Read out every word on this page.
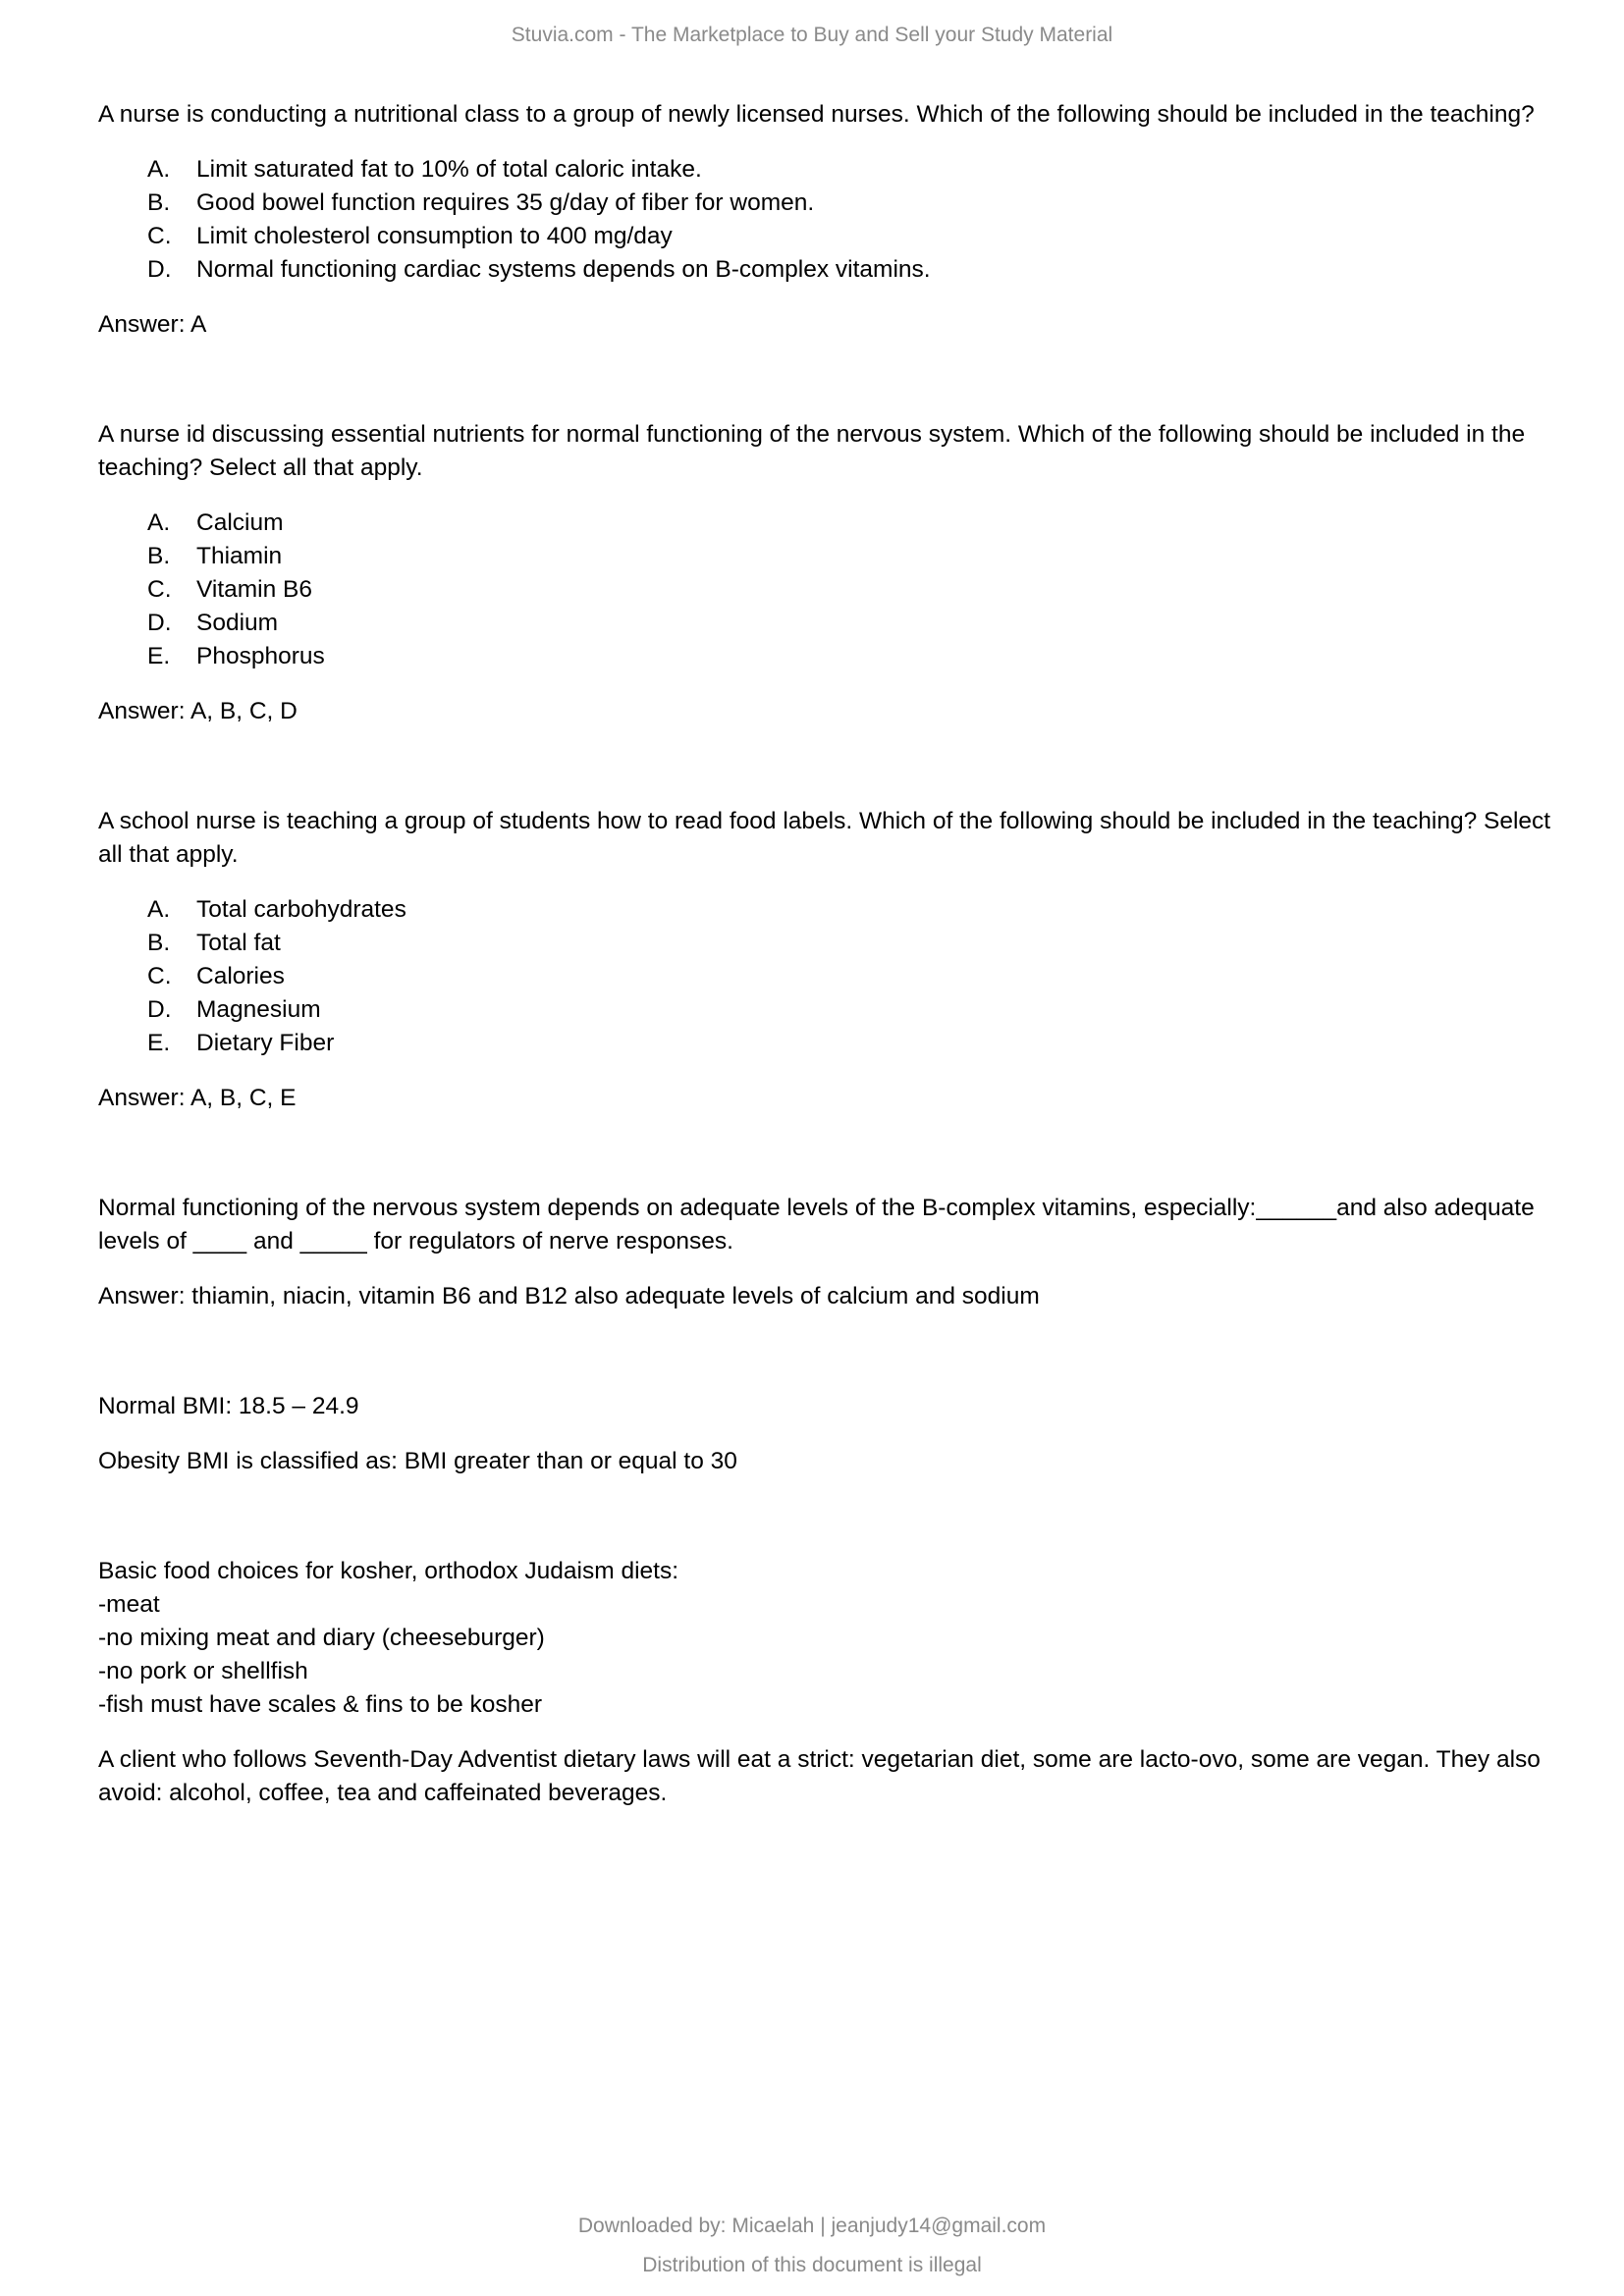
Stuvia.com - The Marketplace to Buy and Sell your Study Material

A nurse is conducting a nutritional class to a group of newly licensed nurses. Which of the following should be included in the teaching?

A.	Limit saturated fat to 10% of total caloric intake.
B.	Good bowel function requires 35 g/day of fiber for women.
C.	Limit cholesterol consumption to 400 mg/day
D.	Normal functioning cardiac systems depends on B-complex vitamins.

Answer: A

A nurse id discussing essential nutrients for normal functioning of the nervous system. Which of the following should be included in the teaching? Select all that apply.

A.	Calcium
B.	Thiamin
C.	Vitamin B6
D.	Sodium
E.	Phosphorus

Answer: A, B, C, D

A school nurse is teaching a group of students how to read food labels. Which of the following should be included in the teaching? Select all that apply.

A.	Total carbohydrates
B.	Total fat
C.	Calories
D.	Magnesium
E.	Dietary Fiber

Answer: A, B, C, E

Normal functioning of the nervous system depends on adequate levels of the B-complex vitamins, especially:______and also adequate levels of ____ and _____ for regulators of nerve responses.

Answer: thiamin, niacin, vitamin B6 and B12 also adequate levels of calcium and sodium

Normal BMI: 18.5 – 24.9

Obesity BMI is classified as: BMI greater than or equal to 30

Basic food choices for kosher, orthodox Judaism diets:
-meat
-no mixing meat and diary (cheeseburger)
-no pork or shellfish
-fish must have scales & fins to be kosher

A client who follows Seventh-Day Adventist dietary laws will eat a strict: vegetarian diet, some are lacto-ovo, some are vegan. They also avoid: alcohol, coffee, tea and caffeinated beverages.

Downloaded by: Micaelah | jeanjudy14@gmail.com
Distribution of this document is illegal
